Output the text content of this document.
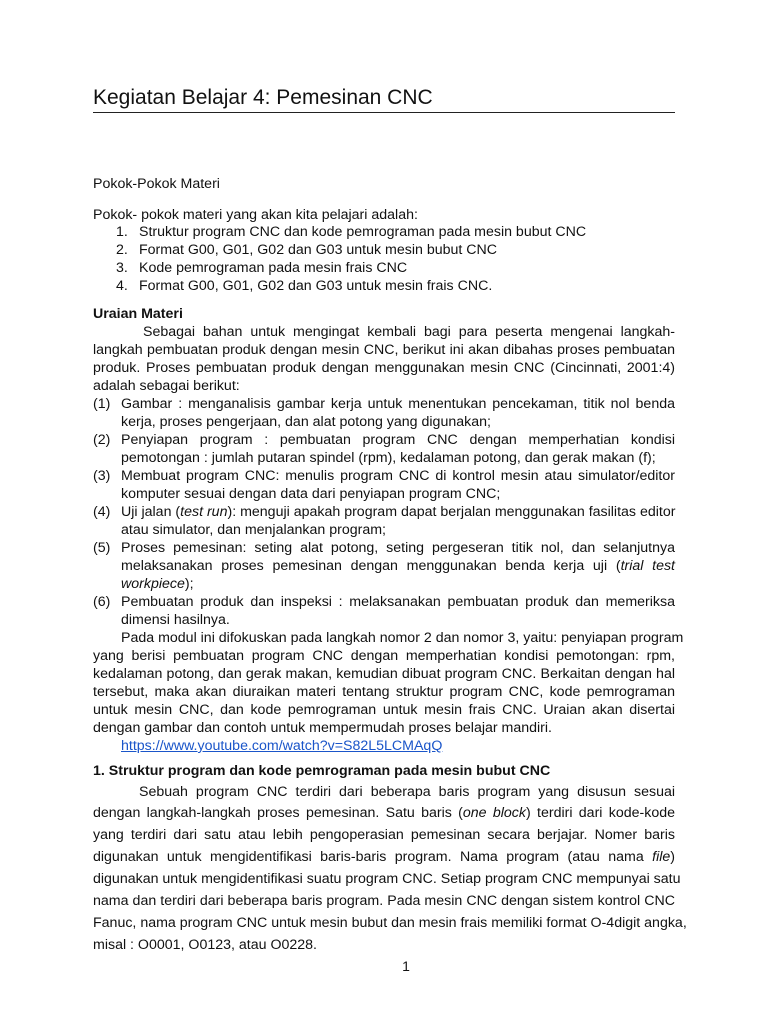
Kegiatan Belajar 4: Pemesinan CNC
Pokok-Pokok Materi
Pokok- pokok materi yang akan kita pelajari adalah:
1. Struktur program CNC dan kode pemrograman pada mesin bubut CNC
2. Format G00, G01, G02 dan G03 untuk mesin bubut CNC
3. Kode pemrograman pada mesin frais CNC
4. Format G00, G01, G02 dan G03 untuk mesin frais CNC.
Uraian Materi
Sebagai bahan untuk mengingat kembali bagi para peserta mengenai langkah-
langkah pembuatan produk dengan mesin CNC, berikut ini akan dibahas proses pembuatan
produk. Proses pembuatan produk dengan menggunakan mesin CNC (Cincinnati, 2001:4)
adalah sebagai berikut:
(1) Gambar : menganalisis gambar kerja untuk menentukan pencekaman, titik nol benda
kerja, proses pengerjaan, dan alat potong yang digunakan;
(2) Penyiapan program : pembuatan program CNC dengan memperhatian kondisi
pemotongan : jumlah putaran spindel (rpm), kedalaman potong, dan gerak makan (f);
(3) Membuat program CNC: menulis program CNC di kontrol mesin atau simulator/editor
komputer sesuai dengan data dari penyiapan program CNC;
(4) Uji jalan (test run): menguji apakah program dapat berjalan menggunakan fasilitas editor
atau simulator, dan menjalankan program;
(5) Proses pemesinan: seting alat potong, seting pergeseran titik nol, dan selanjutnya
melaksanakan proses pemesinan dengan menggunakan benda kerja uji (trial test
workpiece);
(6) Pembuatan produk dan inspeksi : melaksanakan pembuatan produk dan memeriksa
dimensi hasilnya.
Pada modul ini difokuskan pada langkah nomor 2 dan nomor 3, yaitu: penyiapan program
yang berisi pembuatan program CNC dengan memperhatian kondisi pemotongan: rpm,
kedalaman potong, dan gerak makan, kemudian dibuat program CNC. Berkaitan dengan hal
tersebut, maka akan diuraikan materi tentang struktur program CNC, kode pemrograman
untuk mesin CNC, dan kode pemrograman untuk mesin frais CNC. Uraian akan disertai
dengan gambar dan contoh untuk mempermudah proses belajar mandiri.
https://www.youtube.com/watch?v=S82L5LCMAqQ
1. Struktur program dan kode pemrograman pada mesin bubut CNC
Sebuah program CNC terdiri dari beberapa baris program yang disusun sesuai
dengan langkah-langkah proses pemesinan. Satu baris (one block) terdiri dari kode-kode
yang terdiri dari satu atau lebih pengoperasian pemesinan secara berjajar. Nomer baris
digunakan untuk mengidentifikasi baris-baris program. Nama program (atau nama file)
digunakan untuk mengidentifikasi suatu program CNC. Setiap program CNC mempunyai satu
nama dan terdiri dari beberapa baris program. Pada mesin CNC dengan sistem kontrol CNC
Fanuc, nama program CNC untuk mesin bubut dan mesin frais memiliki format O-4digit angka,
misal : O0001, O0123, atau O0228.
1
